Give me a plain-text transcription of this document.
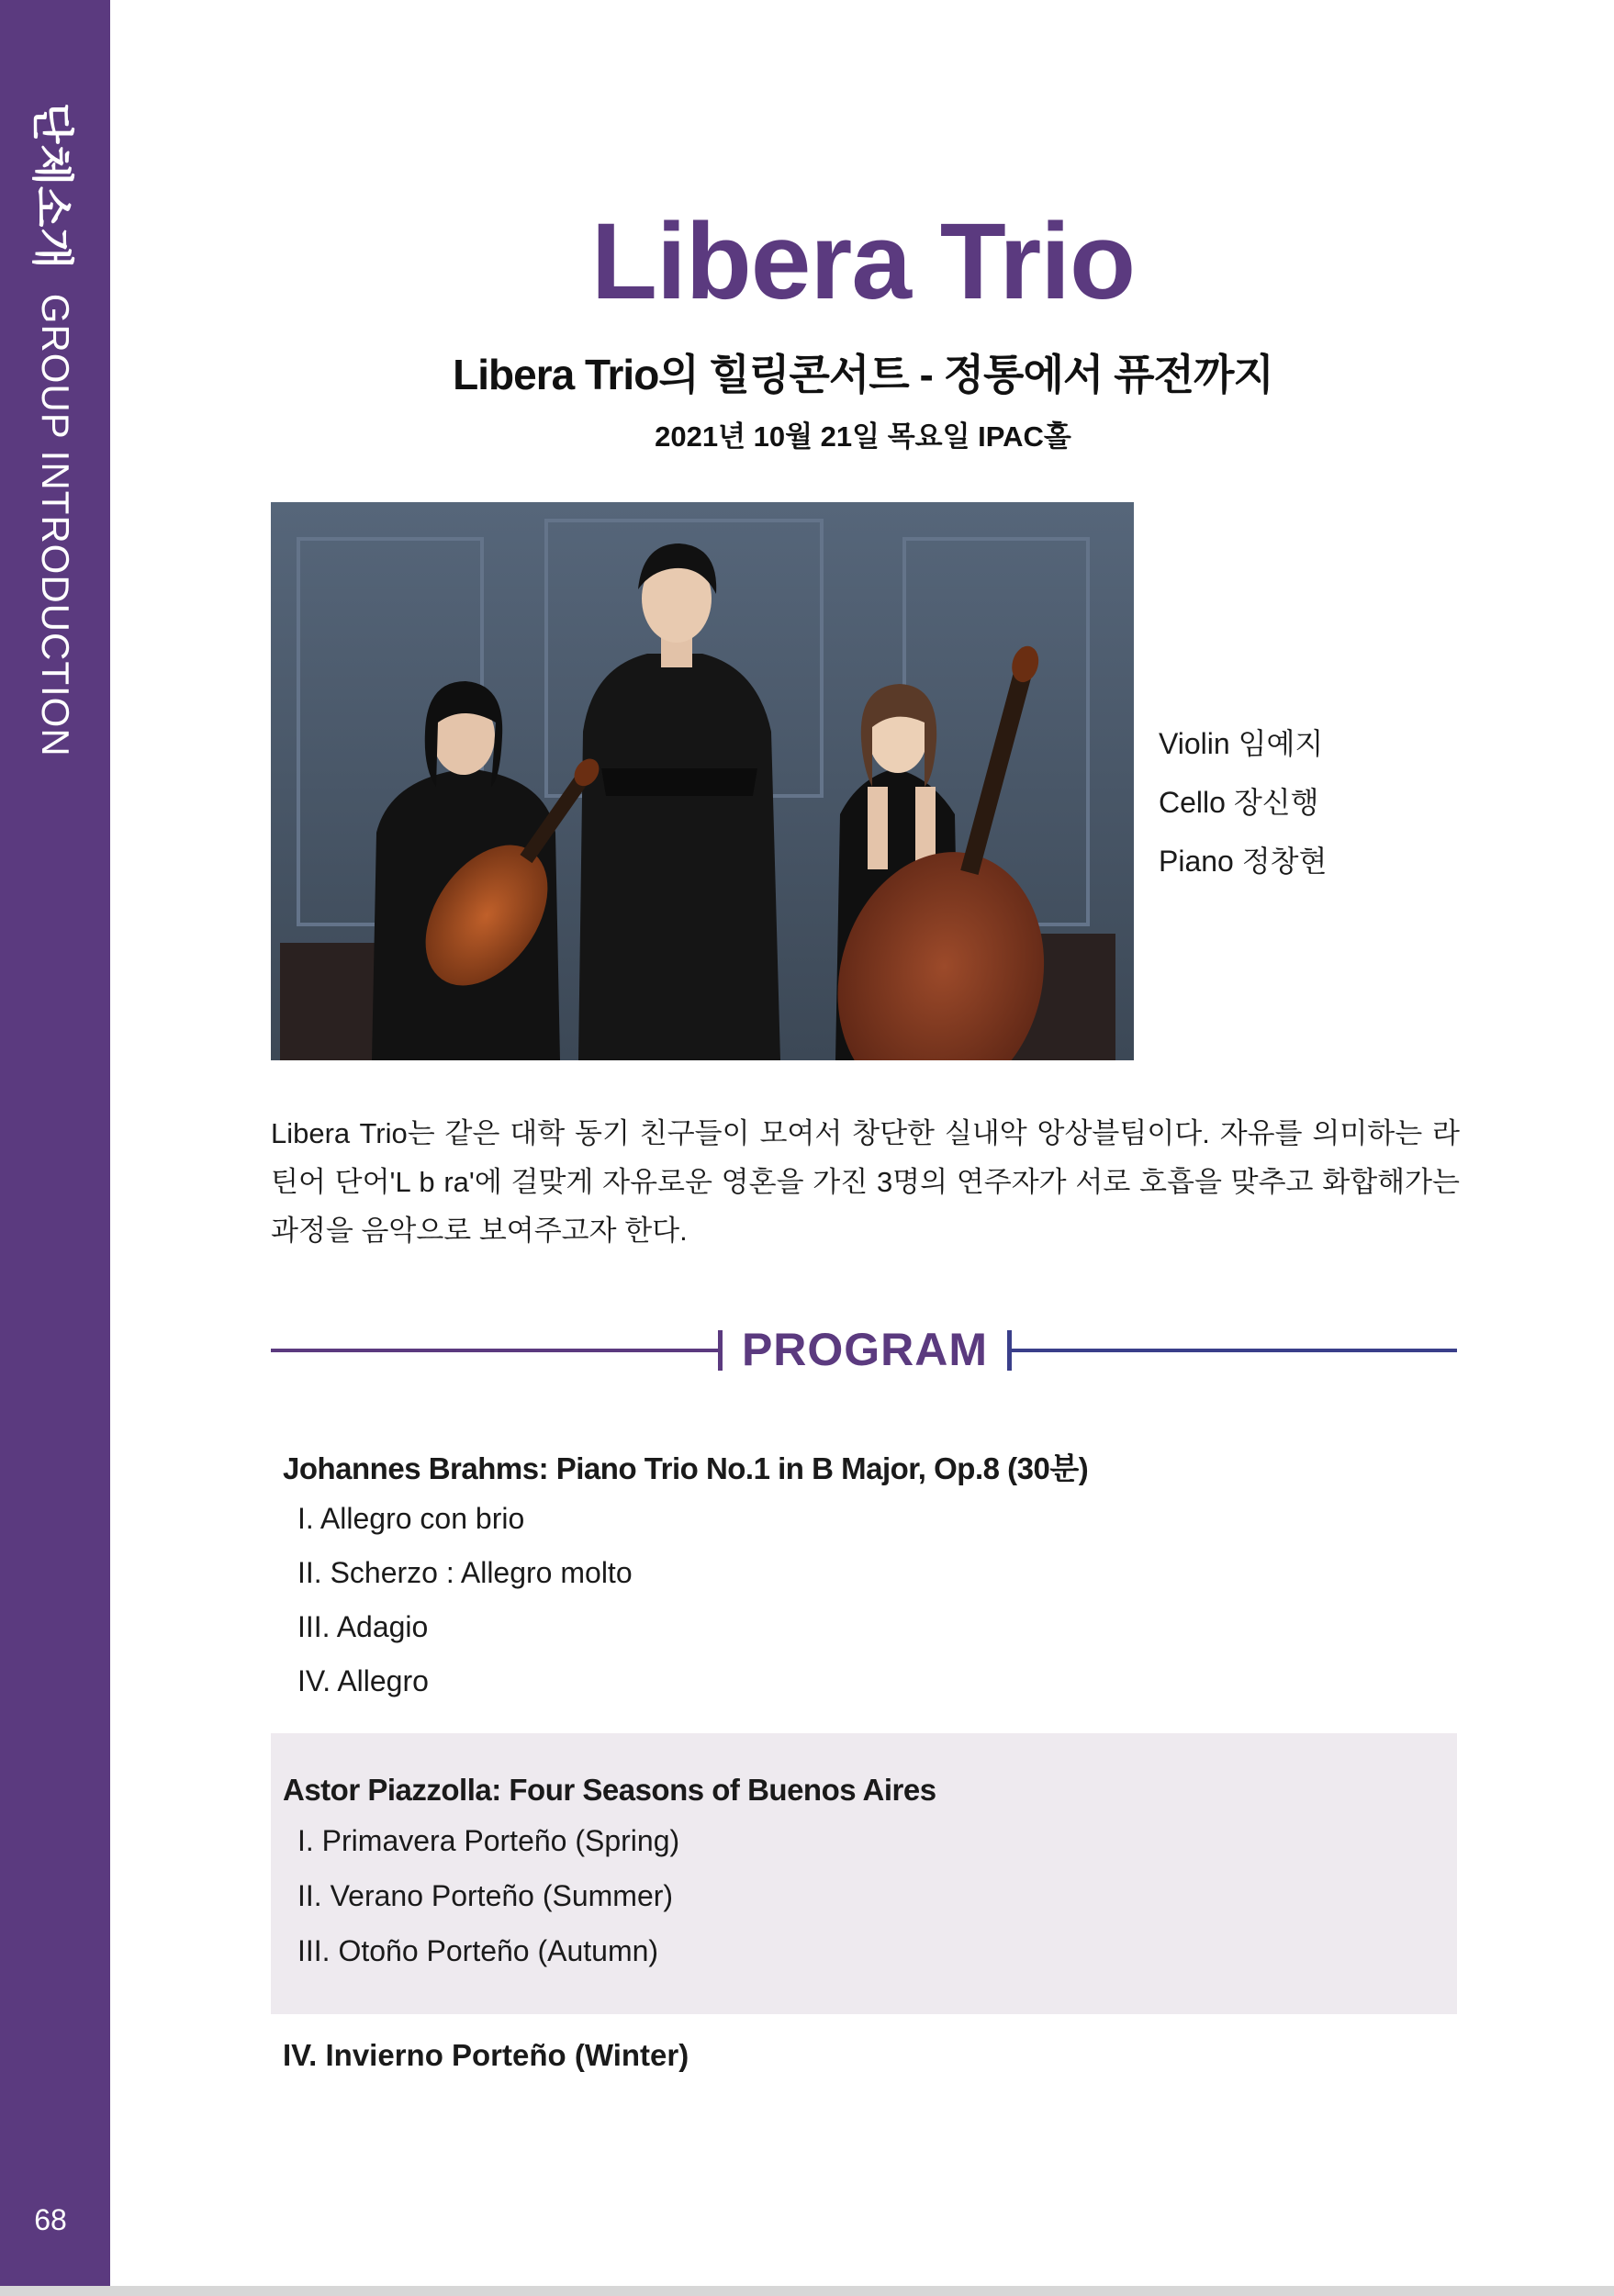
단체소개
GROUP INTRODUCTION
68
Libera Trio
Libera Trio의 힐링콘서트 - 정통에서 퓨전까지
2021년 10월 21일 목요일 IPAC홀
Violin 임예지
Cello 장신행
Piano 정창현
Libera Trio는 같은 대학 동기 친구들이 모여서 창단한 실내악 앙상블팀이다. 자유를 의미하는 라틴어 단어'L b ra'에 걸맞게 자유로운 영혼을 가진 3명의 연주자가 서로 호흡을 맞추고 화합해가는 과정을 음악으로 보여주고자 한다.
PROGRAM
Johannes Brahms: Piano Trio No.1 in B Major, Op.8 (30분)
I. Allegro con brio
II. Scherzo : Allegro molto
III. Adagio
IV. Allegro
Astor Piazzolla: Four Seasons of Buenos Aires
I. Primavera Porteño (Spring)
II. Verano Porteño (Summer)
III. Otoño Porteño (Autumn)
IV. Invierno Porteño (Winter)
